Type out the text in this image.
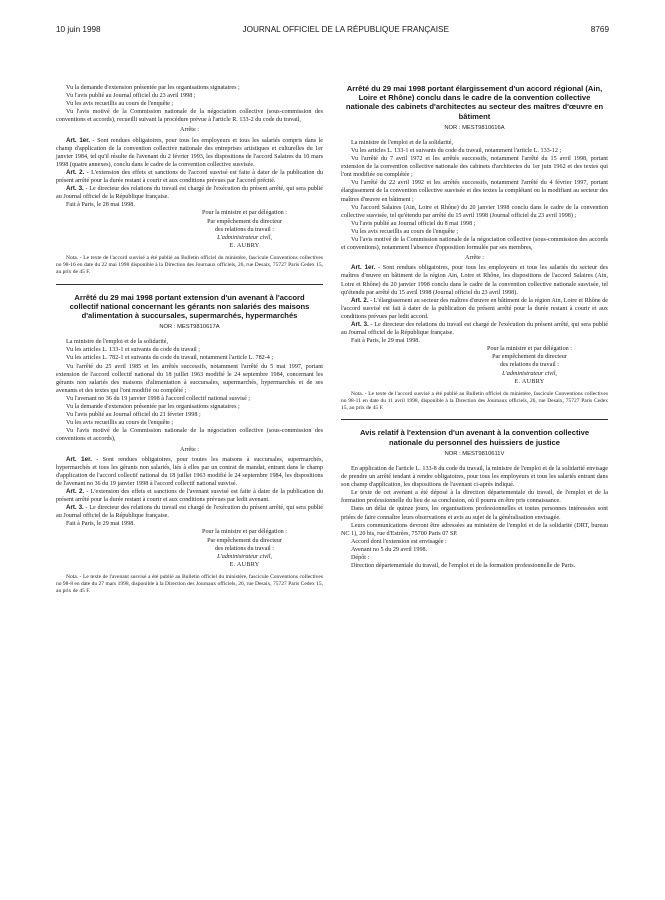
10 juin 1998	JOURNAL OFFICIEL DE LA RÉPUBLIQUE FRANÇAISE	8769

Vu la demande d'extension présentée par les organisations signataires ;

Vu l'avis publié au Journal officiel du 23 avril 1998 ;

Vu les avis recueillis au cours de l'enquête ;

Vu l'avis motivé de la Commission nationale de la négociation collective (sous-commission des conventions et accords), recueilli suivant la procédure prévue à l'article R. 133-2 du code du travail,

Arrête :

Art. 1er. - Sont rendues obligatoires, pour tous les employeurs et tous les salariés compris dans le champ d'application de la convention collective nationale des entreprises artistiques et culturelles du 1er janvier 1984, tel qu'il résulte de l'avenant du 2 février 1993, les dispositions de l'accord Salaires du 10 mars 1998 (quatre annexes), conclu dans le cadre de la convention collective susvisée.

Art. 2. - L'extension des effets et sanctions de l'accord susvisé est faite à dater de la publication du présent arrêté pour la durée restant à courir et aux conditions prévues par l'accord précité.

Art. 3. - Le directeur des relations du travail est chargé de l'exécution du présent arrêté, qui sera publié au Journal officiel de la République française.

Fait à Paris, le 28 mai 1998.

Pour la ministre et par délégation :
Par empêchement du directeur
des relations du travail :
L'administrateur civil,
E. AUBRY

Nota. - Le texte de l'accord susvisé a été publié au Bulletin officiel du ministère, fascicule Conventions collectives no 98-16 en date du 22 mai 1998 disponible à la Direction des Journaux officiels, 26, rue Desaix, 75727 Paris Cedex 15, au prix de 45 F.

Arrêté du 29 mai 1998 portant extension d'un avenant à l'accord collectif national concernant les gérants non salariés des maisons d'alimentation à succursales, supermarchés, hypermarchés
NOR : MEST9810617A

La ministre de l'emploi et de la solidarité,

Vu les articles L. 133-1 et suivants du code du travail ;

Vu les articles L. 782-1 et suivants du code du travail, notamment l'article L. 782-4 ;

Vu l'arrêté du 25 avril 1985 et les arrêtés successifs, notamment l'arrêté du 5 mai 1997, portant extension de l'accord collectif national du 18 juillet 1963 modifié le 24 septembre 1984, concernant les gérants non salariés des maisons d'alimentation à succursales, supermarchés, hypermarchés et de ses avenants et des textes qui l'ont modifié ou complété ;

Vu l'avenant no 36 du 19 janvier 1998 à l'accord collectif national susvisé ;

Vu la demande d'extension présentée par les organisations signataires ;

Vu l'avis publié au Journal officiel du 21 février 1998 ;

Vu les avis recueillis au cours de l'enquête ;

Vu l'avis motivé de la Commission nationale de la négociation collective (sous-commission des conventions et accords),

Arrête :

Art. 1er. - Sont rendues obligatoires, pour toutes les maisons à succursales, supermarchés, hypermarchés et tous les gérants non salariés, liés à elles par un contrat de mandat, entrant dans le champ d'application de l'accord collectif national du 18 juillet 1963 modifié le 24 septembre 1984, les dispositions de l'avenant no 36 du 19 janvier 1998 à l'accord collectif national susvisé.

Art. 2. - L'extension des effets et sanctions de l'avenant susvisé est faite à dater de la publication du présent arrêté pour la durée restant à courir et aux conditions prévues par ledit avenant.

Art. 3. - Le directeur des relations du travail est chargé de l'exécution du présent arrêté, qui sera publié au Journal officiel de la République française.

Fait à Paris, le 29 mai 1998.

Pour la ministre et par délégation :
Par empêchement du directeur
des relations du travail :
L'administrateur civil,
E. AUBRY

Nota. - Le texte de l'avenant susvisé a été publié au Bulletin officiel du ministère, fascicule Conventions collectives no 98-8 en date du 27 mars 1998, disponible à la Direction des Journaux officiels, 26, rue Desaix, 75727 Paris Cedex 15, au prix de 45 F.

Arrêté du 29 mai 1998 portant élargissement d'un accord régional (Ain, Loire et Rhône) conclu dans le cadre de la convention collective nationale des cabinets d'architectes au secteur des maîtres d'œuvre en bâtiment
NOR : MEST9810616A

La ministre de l'emploi et de la solidarité,

Vu les articles L. 133-1 et suivants du code du travail, notamment l'article L. 133-12 ;

Vu l'arrêté du 7 avril 1972 et les arrêtés successifs, notamment l'arrêté du 15 avril 1998, portant extension de la convention collective nationale des cabinets d'architectes du 1er juin 1962 et des textes qui l'ont modifiée ou complétée ;

Vu l'arrêté du 22 avril 1992 et les arrêtés successifs, notamment l'arrêté du 4 février 1997, portant élargissement de la convention collective susvisée et des textes la complétant ou la modifiant au secteur des maîtres d'œuvre en bâtiment ;

Vu l'accord Salaires (Ain, Loire et Rhône) du 20 janvier 1998 conclu dans le cadre de la convention collective susvisée, tel qu'étendu par arrêté du 15 avril 1998 (Journal officiel du 23 avril 1998) ;

Vu l'avis publié au Journal officiel du 8 mai 1998 ;

Vu les avis recueillis au cours de l'enquête ;

Vu l'avis motivé de la Commission nationale de la négociation collective (sous-commission des accords et conventions), notamment l'absence d'opposition formulée par ses membres,

Arrête :

Art. 1er. - Sont rendues obligatoires, pour tous les employeurs et tous les salariés du secteur des maîtres d'œuvre en bâtiment de la région Ain, Loire et Rhône, les dispositions de l'accord Salaires (Ain, Loire et Rhône) du 20 janvier 1998 conclu dans le cadre de la convention collective nationale susvisée, tel qu'étendu par arrêté du 15 avril 1998 (Journal officiel du 23 avril 1998).

Art. 2. - L'élargissement au secteur des maîtres d'œuvre en bâtiment de la région Ain, Loire et Rhône de l'accord susvisé est fait à dater de la publication du présent arrêté pour la durée restant à courir et aux conditions prévues par ledit accord.

Art. 3. - Le directeur des relations du travail est chargé de l'exécution du présent arrêté, qui sera publié au Journal officiel de la République française.

Fait à Paris, le 29 mai 1998.

Pour la ministre et par délégation :
Par empêchement du directeur
des relations du travail :
L'administrateur civil,
E. AUBRY

Nota. - Le texte de l'accord susvisé a été publié au Bulletin officiel du ministère, fascicule Conventions collectives no 98-11 en date du 11 avril 1998, disponible à la Direction des Journaux officiels, 26, rue Desaix, 75727 Paris Cedex 15, au prix de 45 F.

Avis relatif à l'extension d'un avenant à la convention collective nationale du personnel des huissiers de justice
NOR : MEST9810611V

En application de l'article L. 133-8 du code du travail, la ministre de l'emploi et de la solidarité envisage de prendre un arrêté tendant à rendre obligatoires, pour tous les employeurs et tous les salariés entrant dans son champ d'application, les dispositions de l'avenant ci-après indiqué.

Le texte de cet avenant a été déposé à la direction départementale du travail, de l'emploi et de la formation professionnelle du lieu de sa conclusion, où il pourra en être pris connaissance.

Dans un délai de quinze jours, les organisations professionnelles et toutes personnes intéressées sont priées de faire connaître leurs observations et avis au sujet de la généralisation envisagée.

Leurs communications devront être adressées au ministère de l'emploi et de la solidarité (DRT, bureau NC 1), 20 bis, rue d'Estrées, 75700 Paris 07 SP.

Accord dont l'extension est envisagée :

Avenant no 5 du 29 avril 1998.

Dépôt :

Direction départementale du travail, de l'emploi et de la formation professionnelle de Paris.
